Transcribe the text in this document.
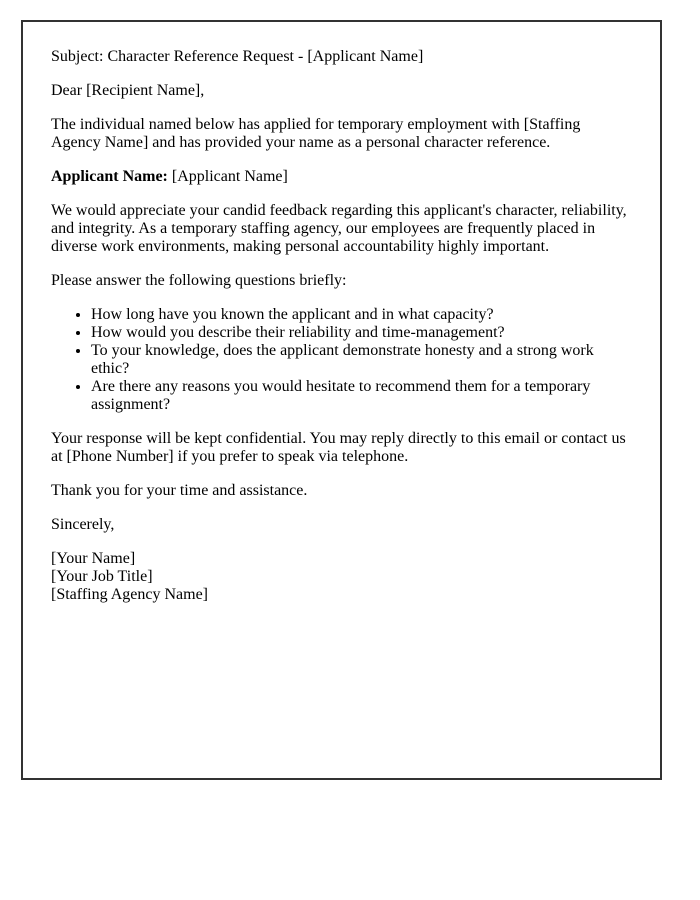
Subject: Character Reference Request - [Applicant Name]

Dear [Recipient Name],

The individual named below has applied for temporary employment with [Staffing Agency Name] and has provided your name as a personal character reference.

Applicant Name: [Applicant Name]

We would appreciate your candid feedback regarding this applicant's character, reliability, and integrity. As a temporary staffing agency, our employees are frequently placed in diverse work environments, making personal accountability highly important.

Please answer the following questions briefly:

• How long have you known the applicant and in what capacity?
• How would you describe their reliability and time-management?
• To your knowledge, does the applicant demonstrate honesty and a strong work ethic?
• Are there any reasons you would hesitate to recommend them for a temporary assignment?

Your response will be kept confidential. You may reply directly to this email or contact us at [Phone Number] if you prefer to speak via telephone.

Thank you for your time and assistance.

Sincerely,

[Your Name]
[Your Job Title]
[Staffing Agency Name]
